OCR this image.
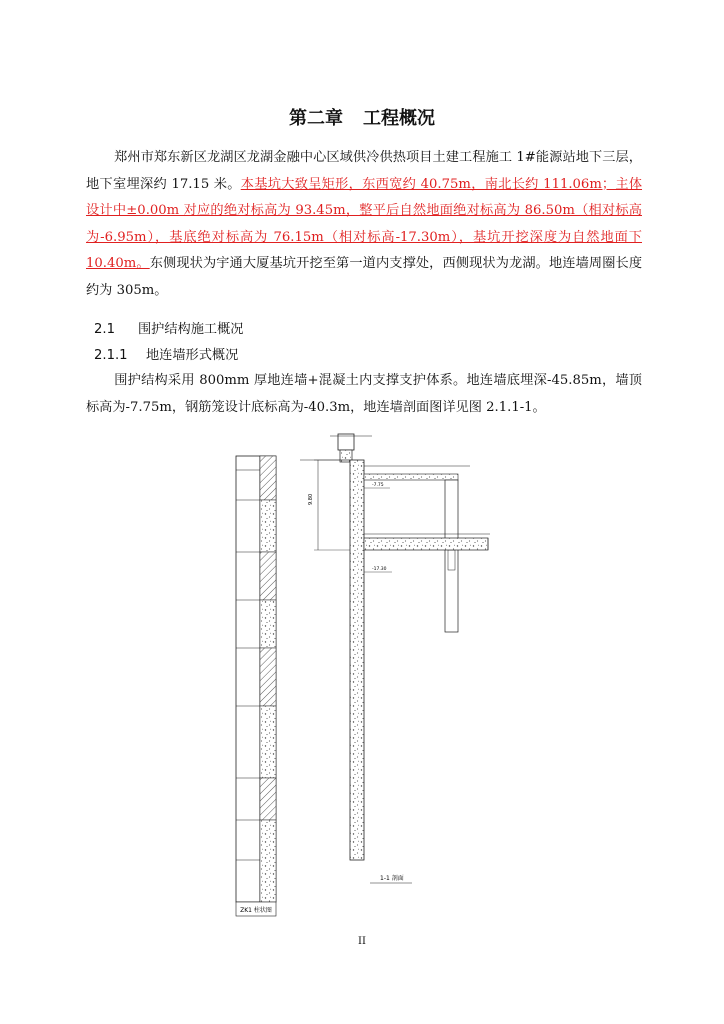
第二章 工程概况
郑州市郑东新区龙湖区龙湖金融中心区域供冷供热项目土建工程施工 1#能源站地下三层，地下室埋深约 17.15 米。本基坑大致呈矩形，东西宽约 40.75m，南北长约 111.06m；主体设计中±0.00m 对应的绝对标高为 93.45m，整平后自然地面绝对标高为 86.50m（相对标高为-6.95m），基底绝对标高为 76.15m（相对标高-17.30m），基坑开挖深度为自然地面下 10.40m。东侧现状为宇通大厦基坑开挖至第一道内支撑处，西侧现状为龙湖。地连墙周圈长度约为 305m。
2.1 围护结构施工概况
2.1.1 地连墙形式概况
围护结构采用 800mm 厚地连墙+混凝土内支撑支护体系。地连墙底埋深-45.85m，墙顶标高为-7.75m，钢筋笼设计底标高为-40.3m，地连墙剖面图详见图 2.1.1-1。
ZK1 柱状图
9.80
-7.75
-17.30
1-1 剖面
II
